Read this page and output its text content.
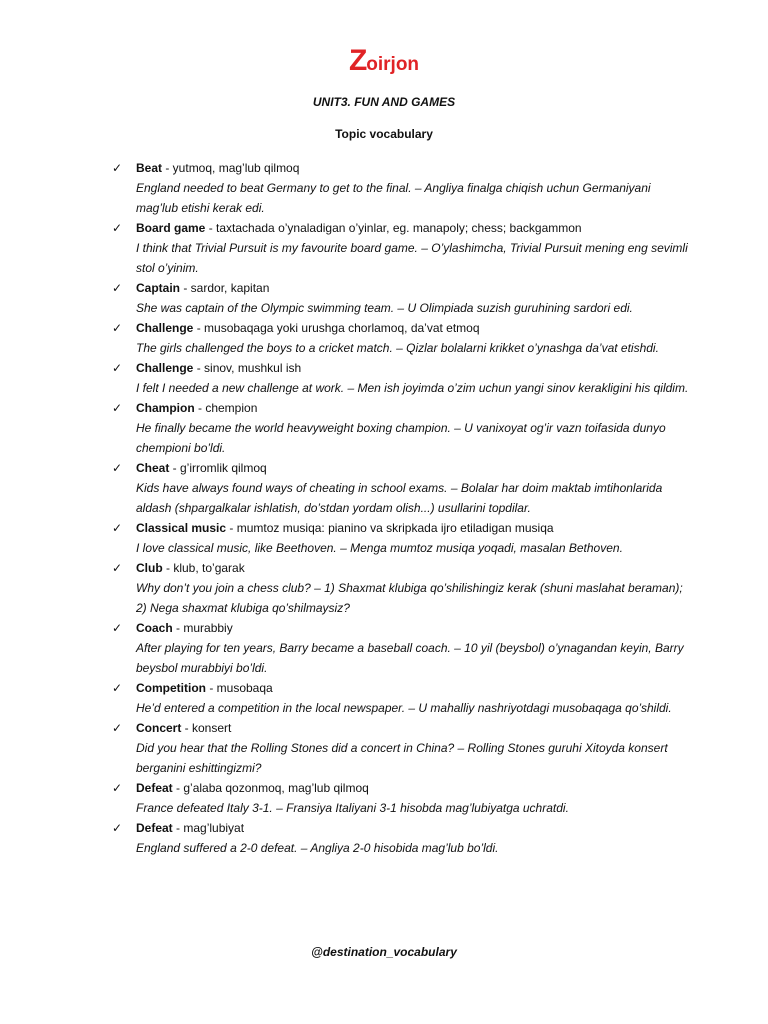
Zoirjon
UNIT3. FUN AND GAMES
Topic vocabulary
✓ Beat - yutmoq, mag’lub qilmoq
England needed to beat Germany to get to the final. – Angliya finalga chiqish uchun Germaniyani mag’lub etishi kerak edi.
✓ Board game - taxtachada o’ynaladigan o’yinlar, eg. manapoly; chess; backgammon
I think that Trivial Pursuit is my favourite board game. – O’ylashimcha, Trivial Pursuit mening eng sevimli stol o’yinim.
✓ Captain - sardor, kapitan
She was captain of the Olympic swimming team. – U Olimpiada suzish guruhining sardori edi.
✓ Challenge - musobaqaga yoki urushga chorlamoq, da’vat etmoq
The girls challenged the boys to a cricket match. – Qizlar bolalarni krikket o’ynashga da’vat etishdi.
✓ Challenge - sinov, mushkul ish
I felt I needed a new challenge at work. – Men ish joyimda o’zim uchun yangi sinov kerakligini his qildim.
✓ Champion - chempion
He finally became the world heavyweight boxing champion. – U vanixoyat og’ir vazn toifasida dunyo chempioni bo’ldi.
✓ Cheat - g’irromlik qilmoq
Kids have always found ways of cheating in school exams. – Bolalar har doim maktab imtihonlarida aldash (shpargalkalar ishlatish, do’stdan yordam olish...) usullarini topdilar.
✓ Classical music - mumtoz musiqa: pianino va skripkada ijro etiladigan musiqa
I love classical music, like Beethoven. – Menga mumtoz musiqa yoqadi, masalan Bethoven.
✓ Club - klub, to’garak
Why don’t you join a chess club? – 1) Shaxmat klubiga qo’shilishingiz kerak (shuni maslahat beraman); 2) Nega shaxmat klubiga qo’shilmaysiz?
✓ Coach - murabbiy
After playing for ten years, Barry became a baseball coach. – 10 yil (beysbol) o’ynagandan keyin, Barry beysbol murabbiyi bo’ldi.
✓ Competition - musobaqa
He’d entered a competition in the local newspaper. – U mahalliy nashriyotdagi musobaqaga qo’shildi.
✓ Concert - konsert
Did you hear that the Rolling Stones did a concert in China? – Rolling Stones guruhi Xitoyda konsert berganini eshittingizmi?
✓ Defeat - g’alaba qozonmoq, mag’lub qilmoq
France defeated Italy 3-1. – Fransiya Italiyani 3-1 hisobda mag’lubiyatga uchratdi.
✓ Defeat - mag’lubiyat
England suffered a 2-0 defeat. – Angliya 2-0 hisobida mag’lub bo’ldi.
@destination_vocabulary
